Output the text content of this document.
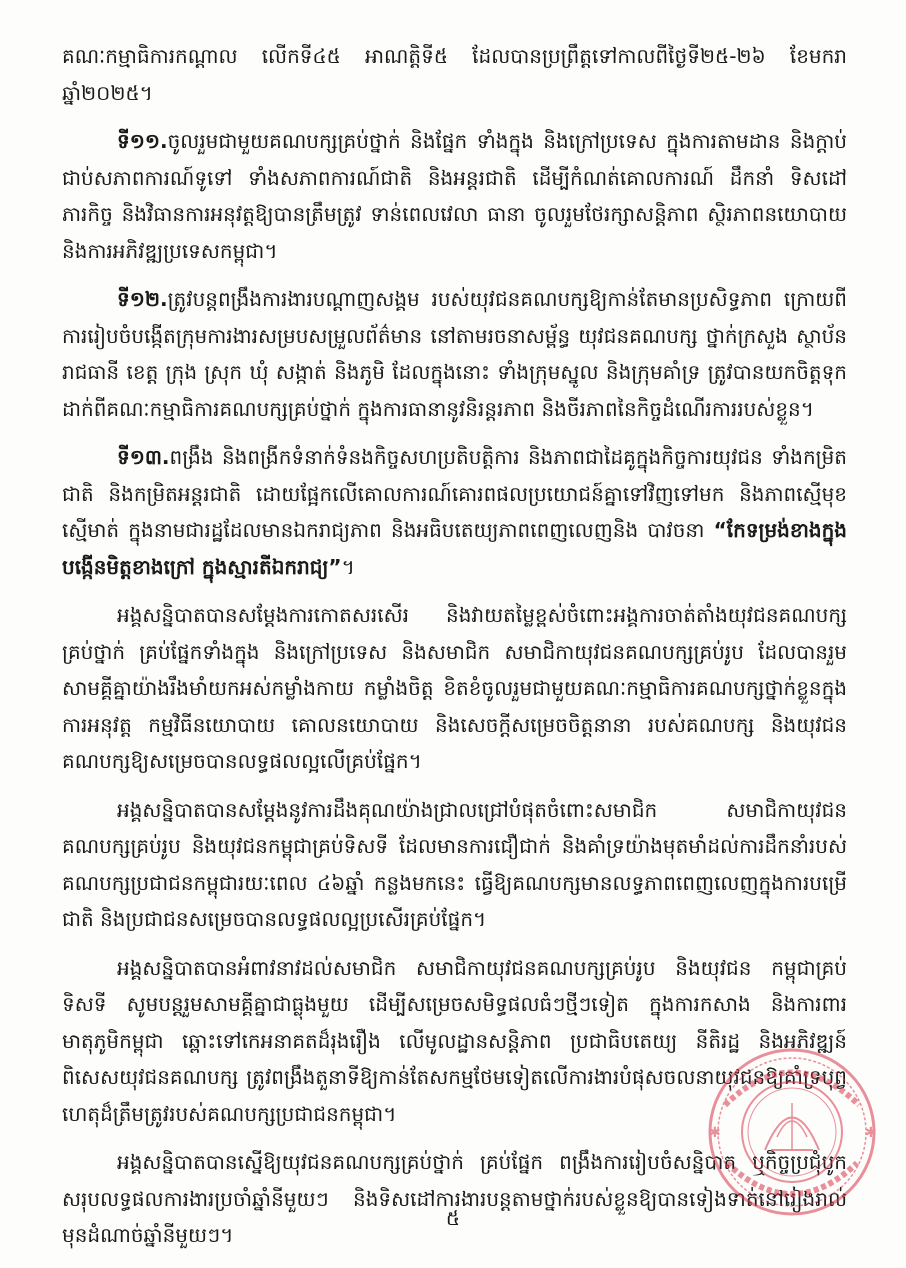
គណៈកម្មាធិការកណ្តាល លើកទី៤៥ អាណត្តិទី៥ ដែលបានប្រព្រឹត្តទៅកាលពីថ្ងៃទី២៥-២៦ ខែមករា ឆ្នាំ២០២៥។

ទី១១.ចូលរួមជាមួយគណបក្សគ្រប់ថ្នាក់ និងផ្នែក ទាំងក្នុង និងក្រៅប្រទេស ក្នុងការតាមដាន និងក្តាប់ជាប់សភាពការណ៍ទូទៅ ទាំងសភាពការណ៍ជាតិ និងអន្តរជាតិ ដើម្បីកំណត់គោលការណ៍ ដឹកនាំ ទិសដៅភារកិច្ច និងវិធានការអនុវត្តឱ្យបានត្រឹមត្រូវ ទាន់ពេលវេលា ធានា ចូលរួមថែរក្សាសន្តិភាព ស្ថិរភាពនយោបាយ និងការអភិវឌ្ឍប្រទេសកម្ពុជា។

ទី១២.ត្រូវបន្តពង្រឹងការងារបណ្ដាញសង្គម របស់យុវជនគណបក្សឱ្យកាន់តែមានប្រសិទ្ធភាព ក្រោយពីការរៀបចំបង្កើតក្រុមការងារសម្របសម្រួលព័ត៌មាន នៅតាមរចនាសម្ព័ន្ធ យុវជនគណបក្ស ថ្នាក់ក្រសួង ស្ថាប័ន រាជធានី ខេត្ត ក្រុង ស្រុក ឃុំ សង្កាត់ និងភូមិ ដែលក្នុងនោះ ទាំងក្រុមស្នូល និងក្រុមគាំទ្រ ត្រូវបានយកចិត្តទុកដាក់ពីគណៈកម្មាធិការគណបក្សគ្រប់ថ្នាក់ ក្នុងការធានានូវនិរន្តរភាព និងចីរភាពនៃកិច្ចដំណើរការរបស់ខ្លួន។

ទី១៣.ពង្រឹង និងពង្រីកទំនាក់ទំនងកិច្ចសហប្រតិបត្តិការ និងភាពជាដៃគូក្នុងកិច្ចការយុវជន ទាំងកម្រិតជាតិ និងកម្រិតអន្តរជាតិ ដោយផ្អែកលើគោលការណ៍គោរពផលប្រយោជន៍គ្នាទៅវិញទៅមក និងភាពស្មើមុខស្មើមាត់ ក្នុងនាមជារដ្ឋដែលមានឯករាជ្យភាព និងអធិបតេយ្យភាពពេញលេញនិង បាវចនា “កែទម្រង់ខាងក្នុង បង្កើនមិត្តខាងក្រៅ ក្នុងស្មារតីឯករាជ្យ”។

អង្គសន្និបាតបានសម្តែងការកោតសរសើរ និងវាយតម្លៃខ្ពស់ចំពោះអង្គការចាត់តាំងយុវជនគណបក្សគ្រប់ថ្នាក់ គ្រប់ផ្នែកទាំងក្នុង និងក្រៅប្រទេស និងសមាជិក សមាជិកាយុវជនគណបក្សគ្រប់រូប ដែលបានរួមសាមគ្គីគ្នាយ៉ាងរឹងមាំយកអស់កម្លាំងកាយ កម្លាំងចិត្ត ខិតខំចូលរួមជាមួយគណៈកម្មាធិការគណបក្សថ្នាក់ខ្លួនក្នុងការអនុវត្ត កម្មវិធីនយោបាយ គោលនយោបាយ និងសេចក្តីសម្រេចចិត្តនានា របស់គណបក្ស និងយុវជនគណបក្សឱ្យសម្រេចបានលទ្ធផលល្អលើគ្រប់ផ្នែក។

អង្គសន្និបាតបានសម្តែងនូវការដឹងគុណយ៉ាងជ្រាលជ្រៅបំផុតចំពោះសមាជិក សមាជិកាយុវជនគណបក្សគ្រប់រូប និងយុវជនកម្ពុជាគ្រប់ទិសទី ដែលមានការជឿជាក់ និងគាំទ្រយ៉ាងមុតមាំដល់ការដឹកនាំរបស់គណបក្សប្រជាជនកម្ពុជារយៈពេល ៤៦ឆ្នាំ កន្លងមកនេះ ធ្វើឱ្យគណបក្សមានលទ្ធភាពពេញលេញក្នុងការបម្រើជាតិ និងប្រជាជនសម្រេចបានលទ្ធផលល្អប្រសើរគ្រប់ផ្នែក។

អង្គសន្និបាតបានអំពាវនាវដល់សមាជិក សមាជិកាយុវជនគណបក្សគ្រប់រូប និងយុវជន កម្ពុជាគ្រប់ទិសទី សូមបន្តរួមសាមគ្គីគ្នាជាធ្លុងមួយ ដើម្បីសម្រេចសមិទ្ធផលធំៗថ្មីៗទៀត ក្នុងការកសាង និងការពារមាតុភូមិកម្ពុជា ឆ្ពោះទៅកេអនាគតដ៏រុងរឿង លើមូលដ្ឋានសន្តិភាព ប្រជាធិបតេយ្យ នីតិរដ្ឋ និងអភិវឌ្ឍន៍ ពិសេសយុវជនគណបក្ស ត្រូវពង្រឹងតួនាទីឱ្យកាន់តែសកម្មថែមទៀតលើការងារបំផុសចលនាយុវជនឱ្យគាំទ្របុព្វហេតុដ៏ត្រឹមត្រូវរបស់គណបក្សប្រជាជនកម្ពុជា។

អង្គសន្និបាតបានស្នើឱ្យយុវជនគណបក្សគ្រប់ថ្នាក់ គ្រប់ផ្នែក ពង្រឹងការរៀបចំសន្និបាត ឬកិច្ចប្រជុំបូកសរុបលទ្ធផលការងារប្រចាំឆ្នាំនីមួយៗ និងទិសដៅការងារបន្តតាមថ្នាក់របស់ខ្លួនឱ្យបានទៀងទាត់នៅរៀងរាល់មុនដំណាច់ឆ្នាំនីមួយៗ។

✱
✱
៥
